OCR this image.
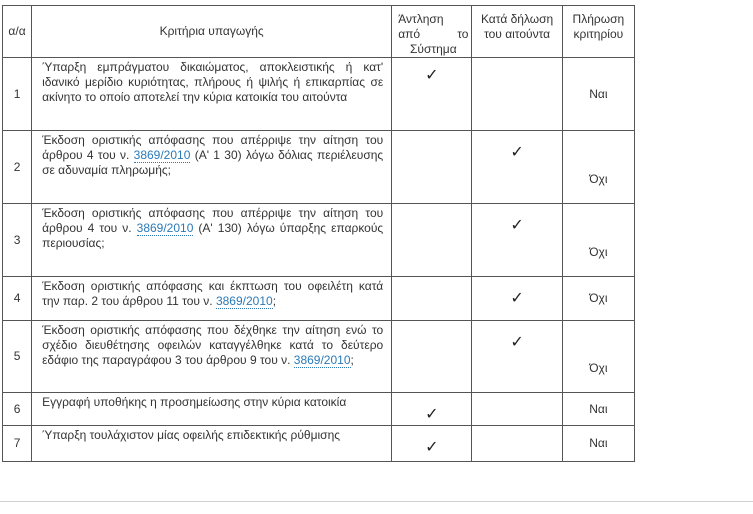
α/α	Κριτήρια υπαγωγής	Άντληση από το Σύστημα	Κατά δήλωση του αιτούντα	Πλήρωση κριτηρίου
1	Ύπαρξη εμπράγματου δικαιώματος, αποκλειστικής ή κατ' ιδανικό μερίδιο κυριότητας, πλήρους ή ψιλής ή επικαρπίας σε ακίνητο το οποίο αποτελεί την κύρια κατοικία του αιτούντα	✓		Ναι
2	Έκδοση οριστικής απόφασης που απέρριψε την αίτηση του άρθρου 4 του ν. 3869/2010 (Α' 1 30) λόγω δόλιας περιέλευσης σε αδυναμία πληρωμής;		✓	Όχι
3	Έκδοση οριστικής απόφασης που απέρριψε την αίτηση του άρθρου 4 του ν. 3869/2010 (Α' 130) λόγω ύπαρξης επαρκούς περιουσίας;		✓	Όχι
4	Έκδοση οριστικής απόφασης και έκπτωση του οφειλέτη κατά την παρ. 2 του άρθρου 11 του ν. 3869/2010;		✓	Όχι
5	Έκδοση οριστικής απόφασης που δέχθηκε την αίτηση ενώ το σχέδιο διευθέτησης οφειλών καταγγέλθηκε κατά το δεύτερο εδάφιο της παραγράφου 3 του άρθρου 9 του ν. 3869/2010;		✓	Όχι
6	Εγγραφή υποθήκης η προσημείωσης στην κύρια κατοικία	✓		Ναι
7	Ύπαρξη τουλάχιστον μίας οφειλής επιδεκτικής ρύθμισης	✓		Ναι
